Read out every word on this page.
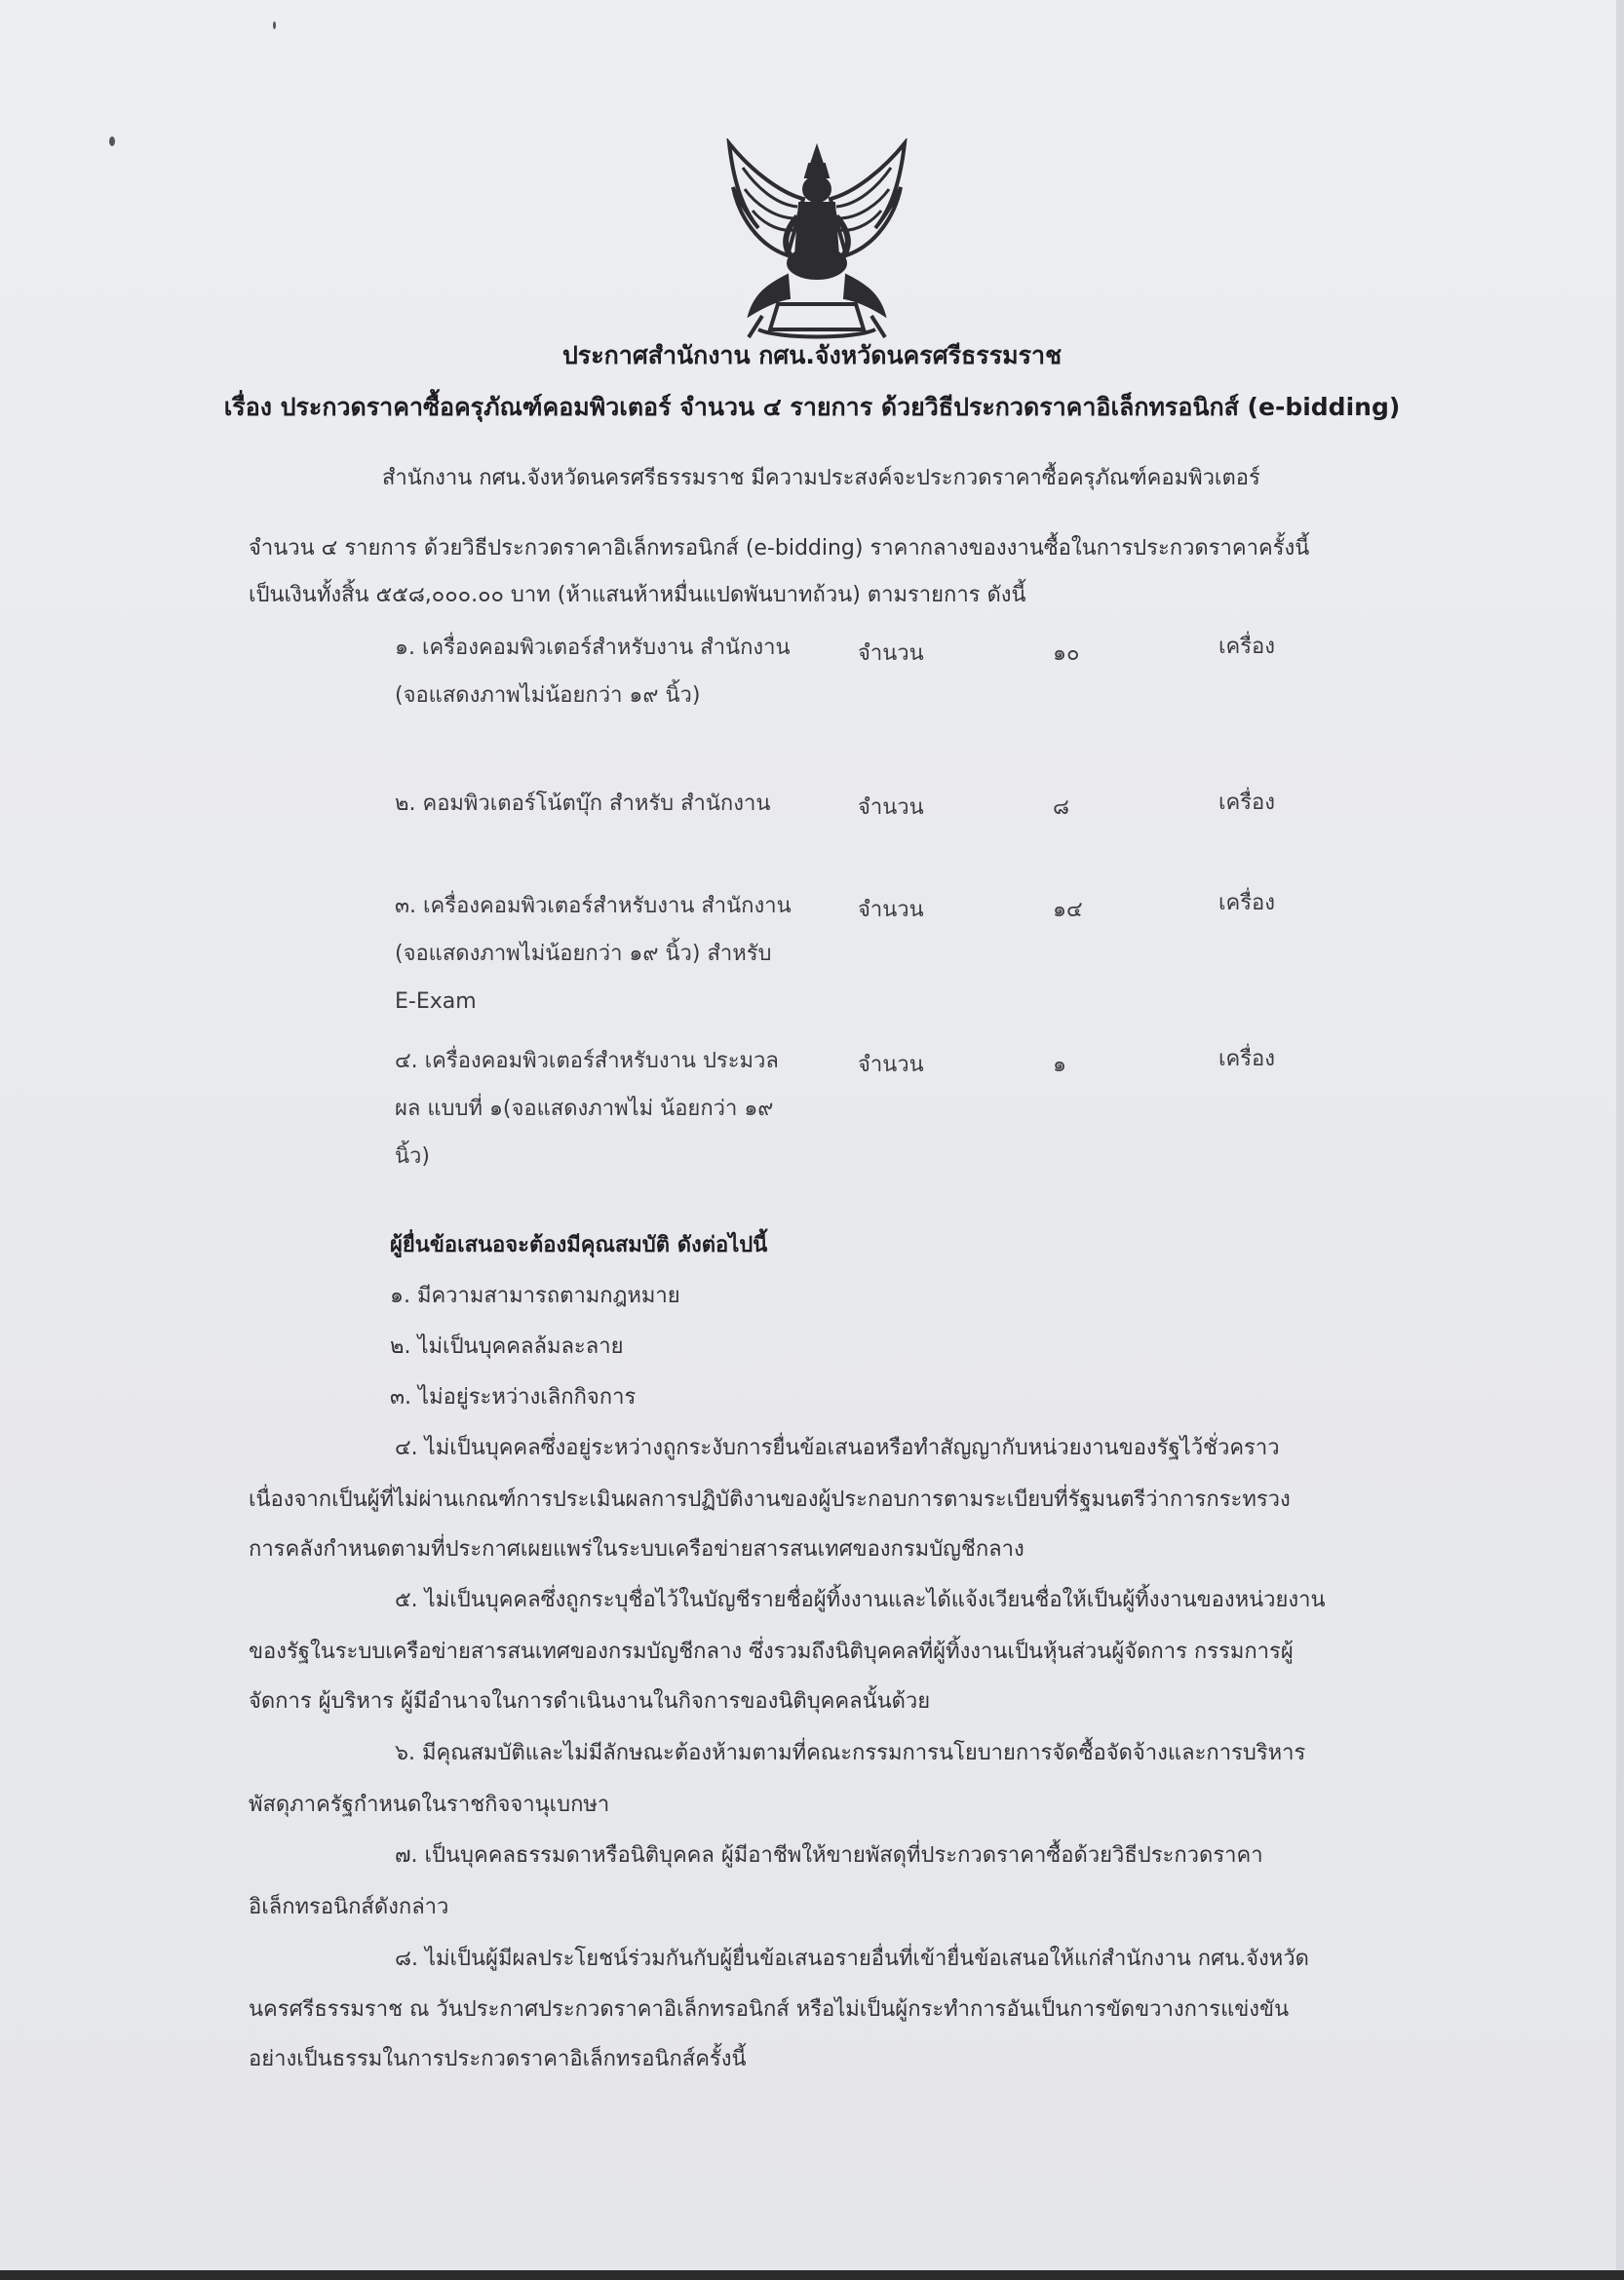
ประกาศสำนักงาน กศน.จังหวัดนครศรีธรรมราช
เรื่อง ประกวดราคาซื้อครุภัณฑ์คอมพิวเตอร์ จำนวน ๔ รายการ ด้วยวิธีประกวดราคาอิเล็กทรอนิกส์ (e-bidding)
สำนักงาน กศน.จังหวัดนครศรีธรรมราช มีความประสงค์จะประกวดราคาซื้อครุภัณฑ์คอมพิวเตอร์
จำนวน ๔ รายการ ด้วยวิธีประกวดราคาอิเล็กทรอนิกส์ (e-bidding) ราคากลางของงานซื้อในการประกวดราคาครั้งนี้
เป็นเงินทั้งสิ้น ๕๕๘,๐๐๐.๐๐ บาท (ห้าแสนห้าหมื่นแปดพันบาทถ้วน) ตามรายการ ดังนี้
๑. เครื่องคอมพิวเตอร์สำหรับงาน สำนักงาน (จอแสดงภาพไม่น้อยกว่า ๑๙ นิ้ว)
จำนวน	๑๐	เครื่อง
๒. คอมพิวเตอร์โน้ตบุ๊ก สำหรับ สำนักงาน	จำนวน	๘	เครื่อง
๓. เครื่องคอมพิวเตอร์สำหรับงาน สำนักงาน (จอแสดงภาพไม่น้อยกว่า ๑๙ นิ้ว) สำหรับ E-Exam
จำนวน	๑๔	เครื่อง
๔. เครื่องคอมพิวเตอร์สำหรับงาน ประมวลผล แบบที่ ๑(จอแสดงภาพไม่ น้อยกว่า ๑๙ นิ้ว)
จำนวน	๑	เครื่อง
ผู้ยื่นข้อเสนอจะต้องมีคุณสมบัติ ดังต่อไปนี้
๑. มีความสามารถตามกฎหมาย
๒. ไม่เป็นบุคคลล้มละลาย
๓. ไม่อยู่ระหว่างเลิกกิจการ
๔. ไม่เป็นบุคคลซึ่งอยู่ระหว่างถูกระงับการยื่นข้อเสนอหรือทำสัญญากับหน่วยงานของรัฐไว้ชั่วคราว
เนื่องจากเป็นผู้ที่ไม่ผ่านเกณฑ์การประเมินผลการปฏิบัติงานของผู้ประกอบการตามระเบียบที่รัฐมนตรีว่าการกระทรวง
การคลังกำหนดตามที่ประกาศเผยแพร่ในระบบเครือข่ายสารสนเทศของกรมบัญชีกลาง
๕. ไม่เป็นบุคคลซึ่งถูกระบุชื่อไว้ในบัญชีรายชื่อผู้ทิ้งงานและได้แจ้งเวียนชื่อให้เป็นผู้ทิ้งงานของหน่วยงาน
ของรัฐในระบบเครือข่ายสารสนเทศของกรมบัญชีกลาง ซึ่งรวมถึงนิติบุคคลที่ผู้ทิ้งงานเป็นหุ้นส่วนผู้จัดการ กรรมการผู้
จัดการ ผู้บริหาร ผู้มีอำนาจในการดำเนินงานในกิจการของนิติบุคคลนั้นด้วย
๖. มีคุณสมบัติและไม่มีลักษณะต้องห้ามตามที่คณะกรรมการนโยบายการจัดซื้อจัดจ้างและการบริหาร
พัสดุภาครัฐกำหนดในราชกิจจานุเบกษา
๗. เป็นบุคคลธรรมดาหรือนิติบุคคล ผู้มีอาชีพให้ขายพัสดุที่ประกวดราคาซื้อด้วยวิธีประกวดราคา
อิเล็กทรอนิกส์ดังกล่าว
๘. ไม่เป็นผู้มีผลประโยชน์ร่วมกันกับผู้ยื่นข้อเสนอรายอื่นที่เข้ายื่นข้อเสนอให้แก่สำนักงาน กศน.จังหวัด
นครศรีธรรมราช ณ วันประกาศประกวดราคาอิเล็กทรอนิกส์ หรือไม่เป็นผู้กระทำการอันเป็นการขัดขวางการแข่งขัน
อย่างเป็นธรรมในการประกวดราคาอิเล็กทรอนิกส์ครั้งนี้
